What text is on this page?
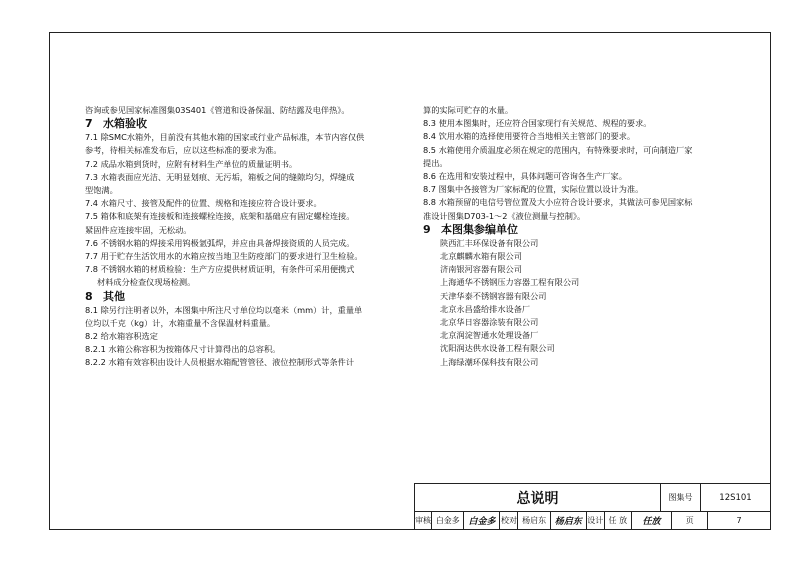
咨询或参见国家标准图集03S401《管道和设备保温、防结露及电伴热》。
7 水箱验收
7.1 除SMC水箱外，目前没有其他水箱的国家或行业产品标准，本节内容仅供
参考，待相关标准发布后，应以这些标准的要求为准。
7.2 成品水箱到货时，应附有材料生产单位的质量证明书。
7.3 水箱表面应光洁、无明显划痕、无污垢，箱板之间的缝隙均匀，焊缝成
型饱满。
7.4 水箱尺寸、接管及配件的位置、规格和连接应符合设计要求。
7.5 箱体和底架有连接板和连接螺栓连接，底架和基础应有固定螺栓连接。
紧固件应连接牢固，无松动。
7.6 不锈钢水箱的焊接采用钨极氩弧焊，并应由具备焊接资质的人员完成。
7.7 用于贮存生活饮用水的水箱应按当地卫生防疫部门的要求进行卫生检验。
7.8 不锈钢水箱的材质检验：生产方应提供材质证明，有条件可采用便携式
材料成分检查仪现场检测。
8 其他
8.1 除另行注明者以外，本图集中所注尺寸单位均以毫米（mm）计，重量单
位均以千克（kg）计，水箱重量不含保温材料重量。
8.2 给水箱容积选定
8.2.1 水箱公称容积为按箱体尺寸计算得出的总容积。
8.2.2 水箱有效容积由设计人员根据水箱配管管径、液位控制形式等条件计
算的实际可贮存的水量。
8.3 使用本图集时，还应符合国家现行有关规范、规程的要求。
8.4 饮用水箱的选择使用要符合当地相关主管部门的要求。
8.5 水箱使用介质温度必须在规定的范围内，有特殊要求时，可向制造厂家
提出。
8.6 在选用和安装过程中，具体问题可咨询各生产厂家。
8.7 图集中各接管为厂家标配的位置，实际位置以设计为准。
8.8 水箱预留的电信号管位置及大小应符合设计要求，其做法可参见国家标
准设计图集D703-1～2《液位测量与控制》。
9 本图集参编单位
陕西汇丰环保设备有限公司
北京麒麟水箱有限公司
济南银河容器有限公司
上海通华不锈钢压力容器工程有限公司
天津华泰不锈钢容器有限公司
北京永昌盛给排水设备厂
北京华日容器涂装有限公司
北京润淀智通水处理设备厂
沈阳润达供水设备工程有限公司
上海绿潮环保科技有限公司
总说明	图集号	12S101
审核 白金多 白金多 校对 杨启东 杨启东 设计 任 放	任放	页	7
